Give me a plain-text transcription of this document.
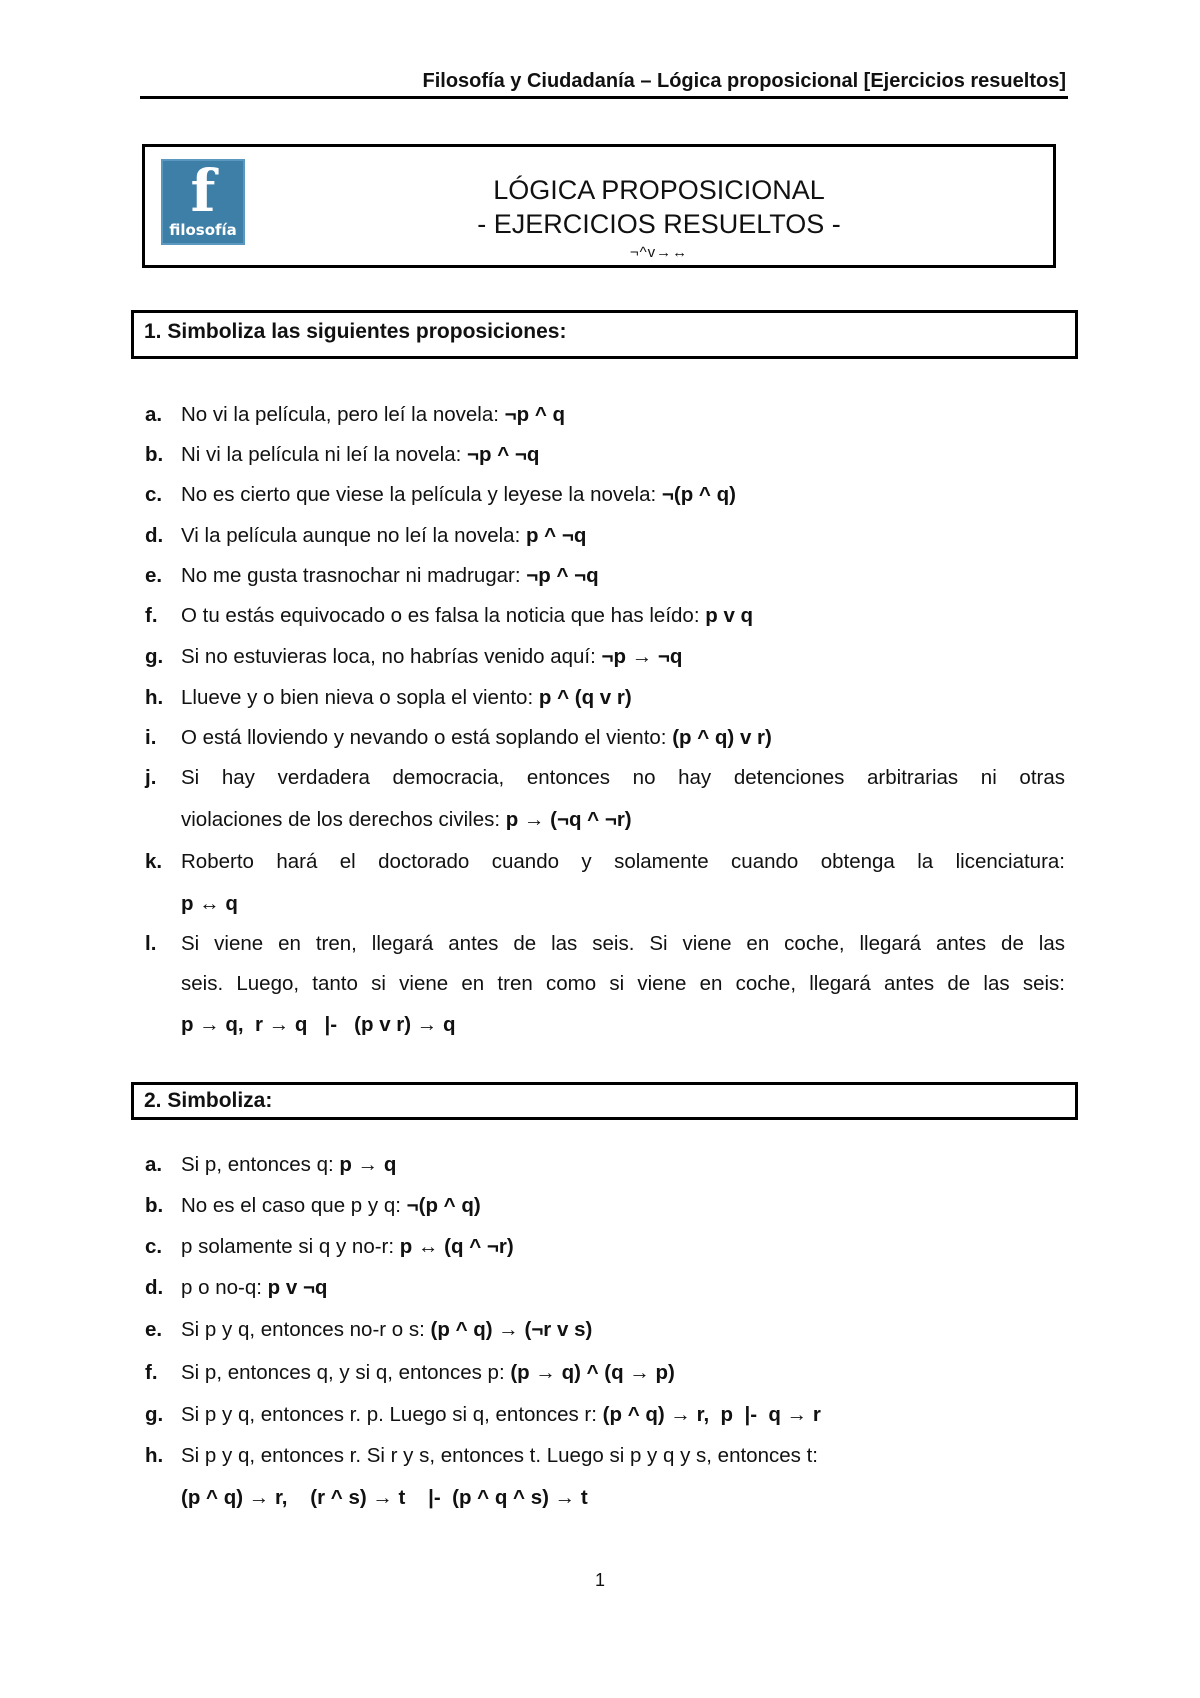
Filosofía y Ciudadanía – Lógica proposicional [Ejercicios resueltos]
f
filosofía
LÓGICA PROPOSICIONAL
- EJERCICIOS RESUELTOS -
¬^v→↔
1. Simboliza las siguientes proposiciones:
a. No vi la película, pero leí la novela: ¬p ^ q
b. Ni vi la película ni leí la novela: ¬p ^ ¬q
c. No es cierto que viese la película y leyese la novela: ¬(p ^ q)
d. Vi la película aunque no leí la novela: p ^ ¬q
e. No me gusta trasnochar ni madrugar: ¬p ^ ¬q
f. O tu estás equivocado o es falsa la noticia que has leído: p v q
g. Si no estuvieras loca, no habrías venido aquí: ¬p → ¬q
h. Llueve y o bien nieva o sopla el viento: p ^ (q v r)
i. O está lloviendo y nevando o está soplando el viento: (p ^ q) v r)
j. Si hay verdadera democracia, entonces no hay detenciones arbitrarias ni otras
violaciones de los derechos civiles: p → (¬q ^ ¬r)
k. Roberto hará el doctorado cuando y solamente cuando obtenga la licenciatura:
p ↔ q
l. Si viene en tren, llegará antes de las seis. Si viene en coche, llegará antes de las
seis. Luego, tanto si viene en tren como si viene en coche, llegará antes de las seis:
p → q,  r → q   |-   (p v r) → q
2. Simboliza:
a. Si p, entonces q: p → q
b. No es el caso que p y q: ¬(p ^ q)
c. p solamente si q y no-r: p ↔ (q ^ ¬r)
d. p o no-q: p v ¬q
e. Si p y q, entonces no-r o s: (p ^ q) → (¬r v s)
f. Si p, entonces q, y si q, entonces p: (p → q) ^ (q → p)
g. Si p y q, entonces r. p. Luego si q, entonces r: (p ^ q) → r,  p  |-  q → r
h. Si p y q, entonces r. Si r y s, entonces t. Luego si p y q y s, entonces t:
(p ^ q) → r,    (r ^ s) → t    |-  (p ^ q ^ s) → t
1
